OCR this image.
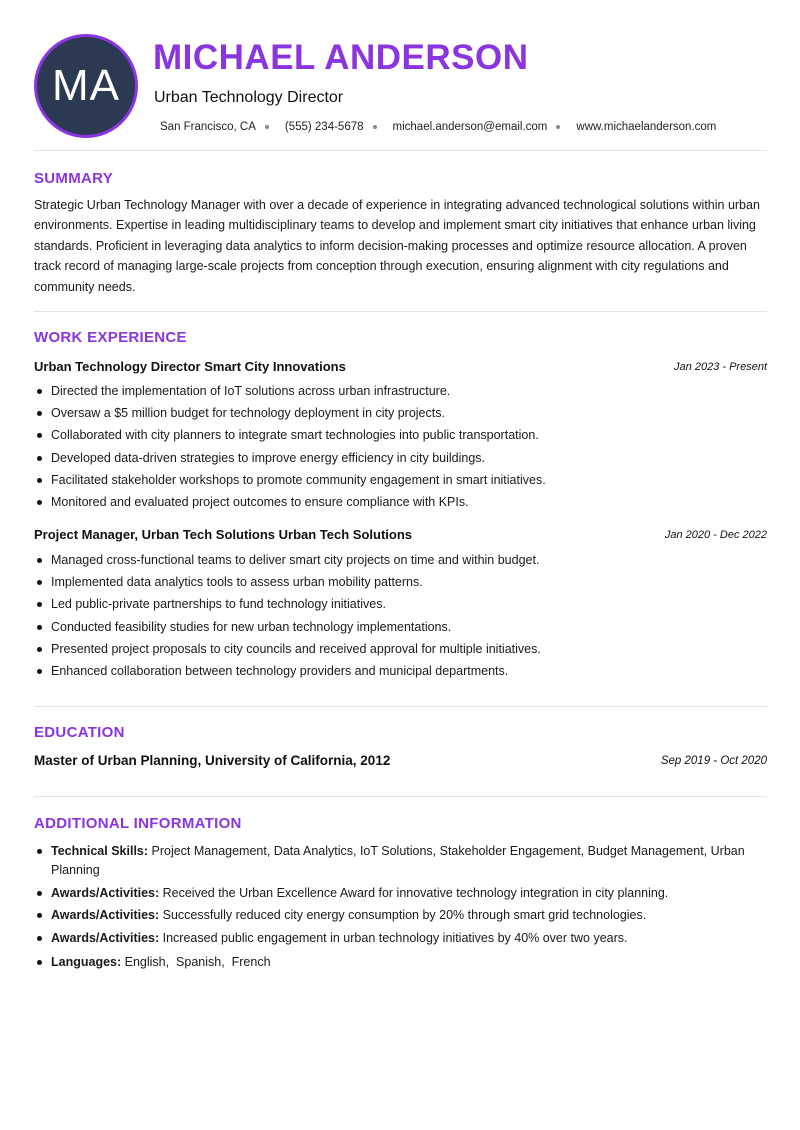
MA
MICHAEL ANDERSON
Urban Technology Director
San Francisco, CA	(555) 234-5678	michael.anderson@email.com	www.michaelanderson.com
SUMMARY
Strategic Urban Technology Manager with over a decade of experience in integrating advanced technological solutions within urban environments. Expertise in leading multidisciplinary teams to develop and implement smart city initiatives that enhance urban living standards. Proficient in leveraging data analytics to inform decision-making processes and optimize resource allocation. A proven track record of managing large-scale projects from conception through execution, ensuring alignment with city regulations and community needs.
WORK EXPERIENCE
Urban Technology Director Smart City Innovations	Jan 2023 - Present
Directed the implementation of IoT solutions across urban infrastructure.
Oversaw a $5 million budget for technology deployment in city projects.
Collaborated with city planners to integrate smart technologies into public transportation.
Developed data-driven strategies to improve energy efficiency in city buildings.
Facilitated stakeholder workshops to promote community engagement in smart initiatives.
Monitored and evaluated project outcomes to ensure compliance with KPIs.
Project Manager, Urban Tech Solutions Urban Tech Solutions	Jan 2020 - Dec 2022
Managed cross-functional teams to deliver smart city projects on time and within budget.
Implemented data analytics tools to assess urban mobility patterns.
Led public-private partnerships to fund technology initiatives.
Conducted feasibility studies for new urban technology implementations.
Presented project proposals to city councils and received approval for multiple initiatives.
Enhanced collaboration between technology providers and municipal departments.
EDUCATION
Master of Urban Planning, University of California, 2012	Sep 2019 - Oct 2020
ADDITIONAL INFORMATION
Technical Skills: Project Management, Data Analytics, IoT Solutions, Stakeholder Engagement, Budget Management, Urban Planning
Awards/Activities: Received the Urban Excellence Award for innovative technology integration in city planning.
Awards/Activities: Successfully reduced city energy consumption by 20% through smart grid technologies.
Awards/Activities: Increased public engagement in urban technology initiatives by 40% over two years.
Languages: English,  Spanish,  French
